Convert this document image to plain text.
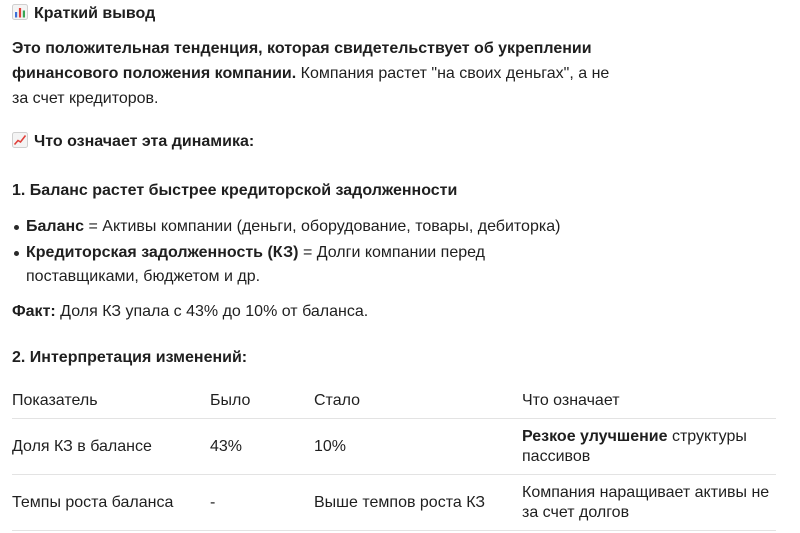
Краткий вывод
Это положительная тенденция, которая свидетельствует об укреплении финансового положения компании. Компания растет "на своих деньгах", а не за счет кредиторов.
Что означает эта динамика:
1. Баланс растет быстрее кредиторской задолженности
Баланс = Активы компании (деньги, оборудование, товары, дебиторка)
Кредиторская задолженность (КЗ) = Долги компании перед поставщиками, бюджетом и др.
Факт: Доля КЗ упала с 43% до 10% от баланса.
2. Интерпретация изменений:
Показатель	Было	Стало	Что означает
Доля КЗ в балансе	43%	10%	Резкое улучшение структуры пассивов
Темпы роста баланса	-	Выше темпов роста КЗ	Компания наращивает активы не за счет долгов
